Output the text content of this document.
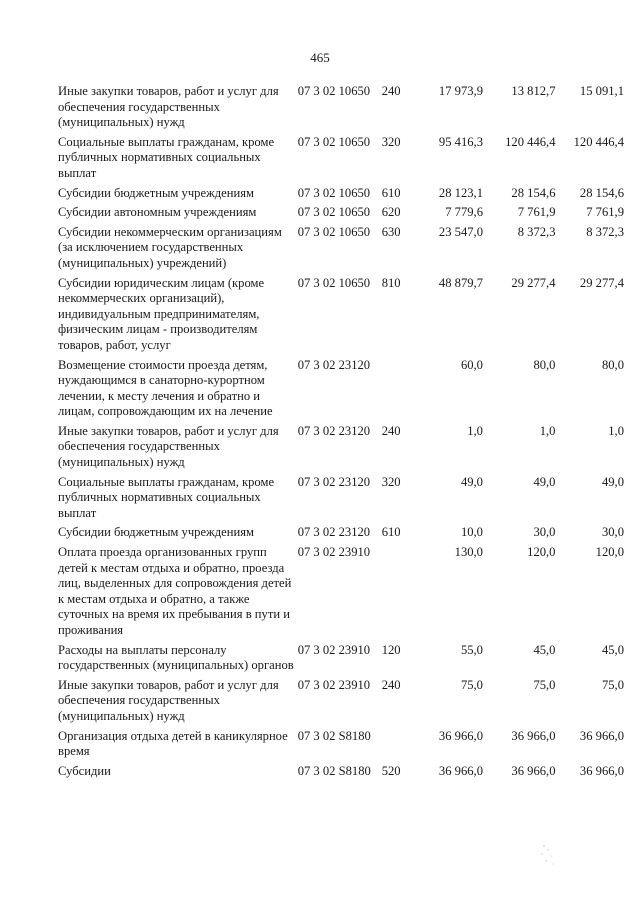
465
Иные закупки товаров, работ и услуг для обеспечения государственных (муниципальных) нужд	07 3 02 10650 240	17 973,9	13 812,7	15 091,1
Социальные выплаты гражданам, кроме публичных нормативных социальных выплат	07 3 02 10650 320	95 416,3	120 446,4	120 446,4
Субсидии бюджетным учреждениям	07 3 02 10650 610	28 123,1	28 154,6	28 154,6
Субсидии автономным учреждениям	07 3 02 10650 620	7 779,6	7 761,9	7 761,9
Субсидии некоммерческим организациям (за исключением государственных (муниципальных) учреждений)	07 3 02 10650 630	23 547,0	8 372,3	8 372,3
Субсидии юридическим лицам (кроме некоммерческих организаций), индивидуальным предпринимателям, физическим лицам - производителям товаров, работ, услуг	07 3 02 10650 810	48 879,7	29 277,4	29 277,4
Возмещение стоимости проезда детям, нуждающимся в санаторно-курортном лечении, к месту лечения и обратно и лицам, сопровождающим их на лечение	07 3 02 23120	60,0	80,0	80,0
Иные закупки товаров, работ и услуг для обеспечения государственных (муниципальных) нужд	07 3 02 23120 240	1,0	1,0	1,0
Социальные выплаты гражданам, кроме публичных нормативных социальных выплат	07 3 02 23120 320	49,0	49,0	49,0
Субсидии бюджетным учреждениям	07 3 02 23120 610	10,0	30,0	30,0
Оплата проезда организованных групп детей к местам отдыха и обратно, проезда лиц, выделенных для сопровождения детей к местам отдыха и обратно, а также суточных на время их пребывания в пути и проживания	07 3 02 23910	130,0	120,0	120,0
Расходы на выплаты персоналу государственных (муниципальных) органов	07 3 02 23910 120	55,0	45,0	45,0
Иные закупки товаров, работ и услуг для обеспечения государственных (муниципальных) нужд	07 3 02 23910 240	75,0	75,0	75,0
Организация отдыха детей в каникулярное время	07 3 02 S8180	36 966,0	36 966,0	36 966,0
Субсидии	07 3 02 S8180 520	36 966,0	36 966,0	36 966,0
